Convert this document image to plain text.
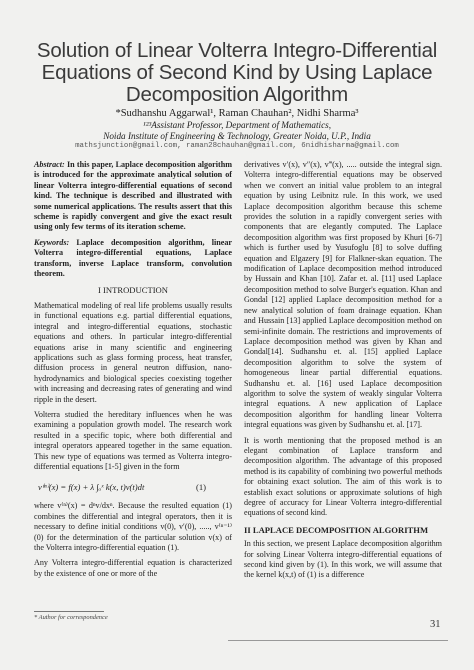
Solution of Linear Volterra Integro-Differential
Equations of Second Kind by Using Laplace
Decomposition Algorithm
*Sudhanshu Aggarwal¹, Raman Chauhan², Nidhi Sharma³
¹²³Assistant Professor, Department of Mathematics,
Noida Institute of Engineering & Technology, Greater Noida, U.P., India
mathsjunction@gmail.com, raman28chauhan@gmail.com, 6nidhisharma@gmail.com

Abstract: In this paper, Laplace decomposition algorithm is introduced for the approximate analytical solution of linear Volterra integro-differential equations of second kind. The technique is described and illustrated with some numerical applications. The results assert that this scheme is rapidly convergent and give the exact result using only few terms of its iteration scheme.

Keywords: Laplace decomposition algorithm, linear Volterra integro-differential equations, Laplace transform, inverse Laplace transform, convolution theorem.

I INTRODUCTION

Mathematical modeling of real life problems usually results in functional equations e.g. partial differential equations, integral and integro-differential equations, stochastic equations and others. In particular integro-differential equations arise in many scientific and engineering applications such as glass forming process, heat transfer, diffusion process in general neutron diffusion, nano-hydrodynamics and biological species coexisting together with increasing and decreasing rates of generating and wind ripple in the desert.

Volterra studied the hereditary influences when he was examining a population growth model. The research work resulted in a specific topic, where both differential and integral operators appeared together in the same equation. This new type of equations was termed as Volterra integro-differential equations [1-5] given in the form

v⁽ⁿ⁾(x) = f(x) + λ ∫ₐˣ k(x, t)v(t)dt	(1)

where v⁽ⁿ⁾(x) = dⁿv/dxⁿ. Because the resulted equation (1) combines the differential and integral operators, then it is necessary to define initial conditions v(0), v′(0), ....., v⁽ⁿ⁻¹⁾(0) for the determination of the particular solution v(x) of the Volterra integro-differential equation (1).

Any Volterra integro-differential equation is characterized by the existence of one or more of the

derivatives v′(x), v″(x), v‴(x), ..... outside the integral sign. Volterra integro-differential equations may be observed when we convert an initial value problem to an integral equation by using Leibnitz rule. In this work, we used Laplace decomposition algorithm because this scheme provides the solution in a rapidly convergent series with components that are elegantly computed. The Laplace decomposition algorithm was first proposed by Khuri [6-7] which is further used by Yusufoglu [8] to solve duffing equation and Elgazery [9] for Flalkner-skan equation. The modification of Laplace decomposition method introduced by Hussain and Khan [10]. Zafar et. al. [11] used Laplace decomposition method to solve Burger's equation. Khan and Gondal [12] applied Laplace decomposition method for a new analytical solution of foam drainage equation. Khan and Hussain [13] applied Laplace decomposition method on semi-infinite domain. The restrictions and improvements of Laplace decomposition method was given by Khan and Gondal[14]. Sudhanshu et. al. [15] applied Laplace decomposition algorithm to solve the system of homogeneous linear partial differential equations. Sudhanshu et. al. [16] used Laplace decomposition algorithm to solve the system of weakly singular Volterra integral equations. A new application of Laplace decomposition algorithm for handling linear Volterra integral equations was given by Sudhanshu et. al. [17].

It is worth mentioning that the proposed method is an elegant combination of Laplace transform and decomposition algorithm. The advantage of this proposed method is its capability of combining two powerful methods for obtaining exact solution. The aim of this work is to establish exact solutions or approximate solutions of high degree of accuracy for Linear Volterra integro-differential equations of second kind.

II LAPLACE DECOMPOSITION ALGORITHM

In this section, we present Laplace decomposition algorithm for solving Linear Volterra integro-differential equations of second kind given by (1). In this work, we will assume that the kernel k(x,t) of (1) is a difference

* Author for correspondence
31
